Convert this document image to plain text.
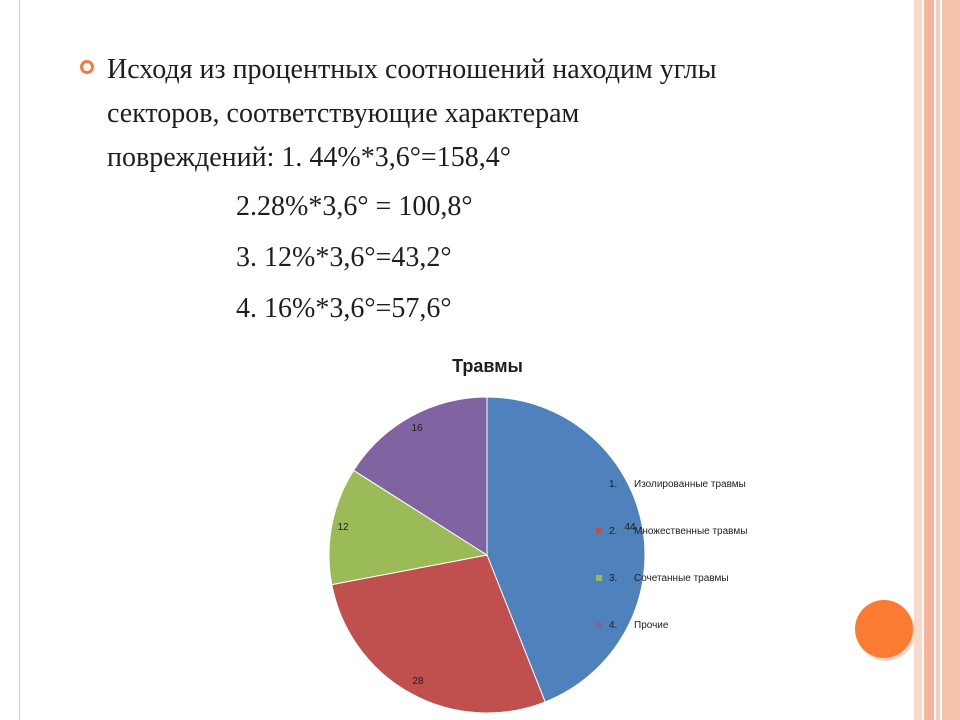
Исходя из процентных соотношений находим углы секторов, соответствующие характерам повреждений: 1. 44%*3,6°=158,4°
2.28%*3,6° = 100,8°
3. 12%*3,6°=43,2°
4. 16%*3,6°=57,6°
Травмы
44
28
12
16
1. Изолированные травмы
2. Множественные травмы
3. Сочетанные травмы
4. Прочие
